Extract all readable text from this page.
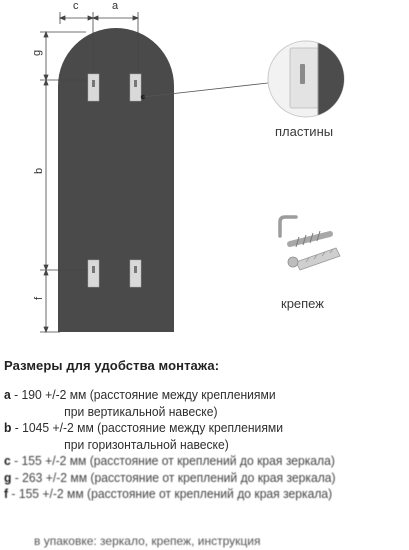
c	a
g
b
f
пластины
крепеж
Размеры для удобства монтажа:
a - 190 +/-2 мм (расстояние между креплениями
при вертикальной навеске)
b - 1045 +/-2 мм (расстояние между креплениями
при горизонтальной навеске)
c - 155 +/-2 мм (расстояние от креплений до края зеркала)
g - 263 +/-2 мм (расстояние от креплений до края зеркала)
f - 155 +/-2 мм (расстояние от креплений до края зеркала)
в упаковке: зеркало, крепеж, инструкция
